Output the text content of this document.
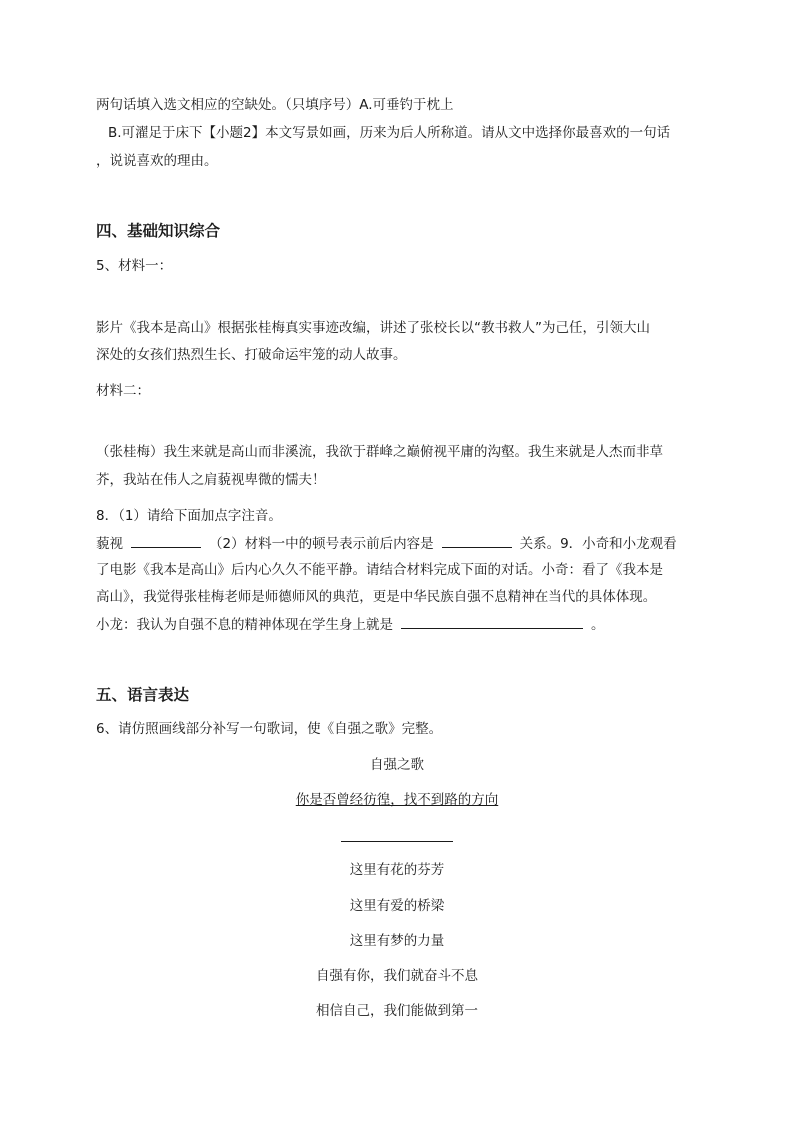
两句话填入选文相应的空缺处。（只填序号）A.可垂钓于枕上
B.可濯足于床下【小题2】本文写景如画，历来为后人所称道。请从文中选择你最喜欢的一句话
，说说喜欢的理由。
四、基础知识综合
5、材料一：
影片《我本是高山》根据张桂梅真实事迹改编，讲述了张校长以“教书救人”为己任，引领大山
深处的女孩们热烈生长、打破命运牢笼的动人故事。
材料二：
（张桂梅）我生来就是高山而非溪流，我欲于群峰之巅俯视平庸的沟壑。我生来就是人杰而非草
芥，我站在伟人之肩藐视卑微的懦夫！
8．（1）请给下面加点字注音。
藐视	（2）材料一中的顿号表示前后内容是	关系。9．小奇和小龙观看
了电影《我本是高山》后内心久久不能平静。请结合材料完成下面的对话。小奇：看了《我本是
高山》，我觉得张桂梅老师是师德师风的典范，更是中华民族自强不息精神在当代的具体体现。
小龙：我认为自强不息的精神体现在学生身上就是	。
五、语言表达
6、请仿照画线部分补写一句歌词，使《自强之歌》完整。
自强之歌
你是否曾经彷徨，找不到路的方向
这里有花的芬芳
这里有爱的桥梁
这里有梦的力量
自强有你，我们就奋斗不息
相信自己，我们能做到第一
